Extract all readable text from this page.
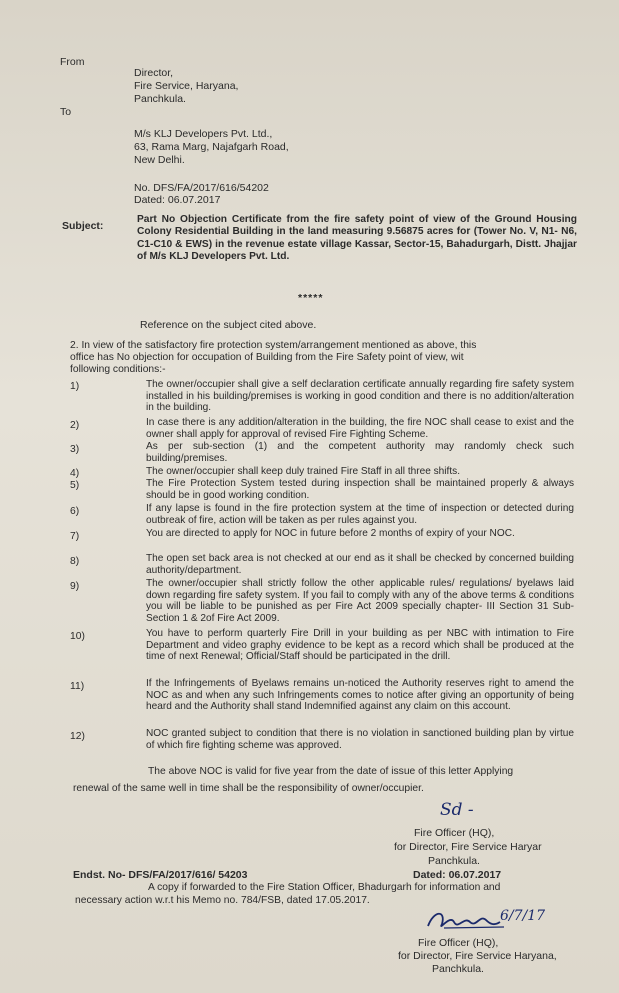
From
Director,
Fire Service, Haryana,
Panchkula.
To
M/s KLJ Developers Pvt. Ltd.,
63, Rama Marg, Najafgarh Road,
New Delhi.
No. DFS/FA/2017/616/54202
Dated: 06.07.2017
Subject:
Part No Objection Certificate from the fire safety point of view of the Ground Housing Colony Residential Building in the land measuring 9.56875 acres for (Tower No. V, N1- N6, C1-C10 & EWS) in the revenue estate village Kassar, Sector-15, Bahadurgarh, Distt. Jhajjar of M/s KLJ Developers Pvt. Ltd.
*****
Reference on the subject cited above.
2. In view of the satisfactory fire protection system/arrangement mentioned as above, this
office has No objection for occupation of Building from the Fire Safety point of view, wit
following conditions:-
1)	The owner/occupier shall give a self declaration certificate annually regarding fire safety system installed in his building/premises is working in good condition and there is no addition/alteration in the building.
2)	In case there is any addition/alteration in the building, the fire NOC shall cease to exist and the owner shall apply for approval of revised Fire Fighting Scheme.
3)	As per sub-section (1) and the competent authority may randomly check such building/premises.
4)	The owner/occupier shall keep duly trained Fire Staff in all three shifts.
5)	The Fire Protection System tested during inspection shall be maintained properly & always should be in good working condition.
6)	If any lapse is found in the fire protection system at the time of inspection or detected during outbreak of fire, action will be taken as per rules against you.
7)	You are directed to apply for NOC in future before 2 months of expiry of your NOC.
8)	The open set back area is not checked at our end as it shall be checked by concerned building authority/department.
9)	The owner/occupier shall strictly follow the other applicable rules/ regulations/ byelaws laid down regarding fire safety system. If you fail to comply with any of the above terms & conditions you will be liable to be punished as per Fire Act 2009 specially chapter- III Section 31 Sub-Section 1 & 2of Fire Act 2009.
10)	You have to perform quarterly Fire Drill in your building as per NBC with intimation to Fire Department and video graphy evidence to be kept as a record which shall be produced at the time of next Renewal; Official/Staff should be participated in the drill.
11)	If the Infringements of Byelaws remains un-noticed the Authority reserves right to amend the NOC as and when any such Infringements comes to notice after giving an opportunity of being heard and the Authority shall stand Indemnified against any claim on this account.
12)	NOC granted subject to condition that there is no violation in sanctioned building plan by virtue of which fire fighting scheme was approved.
The above NOC is valid for five year from the date of issue of this letter Applying
renewal of the same well in time shall be the responsibility of owner/occupier.
Sd -
Fire Officer (HQ),
for Director, Fire Service Haryar
Panchkula.
Endst. No- DFS/FA/2017/616/ 54203	Dated: 06.07.2017
A copy if forwarded to the Fire Station Officer, Bhadurgarh for information and
necessary action w.r.t his Memo no. 784/FSB, dated 17.05.2017.
6/7/17
Fire Officer (HQ),
for Director, Fire Service Haryana,
Panchkula.
